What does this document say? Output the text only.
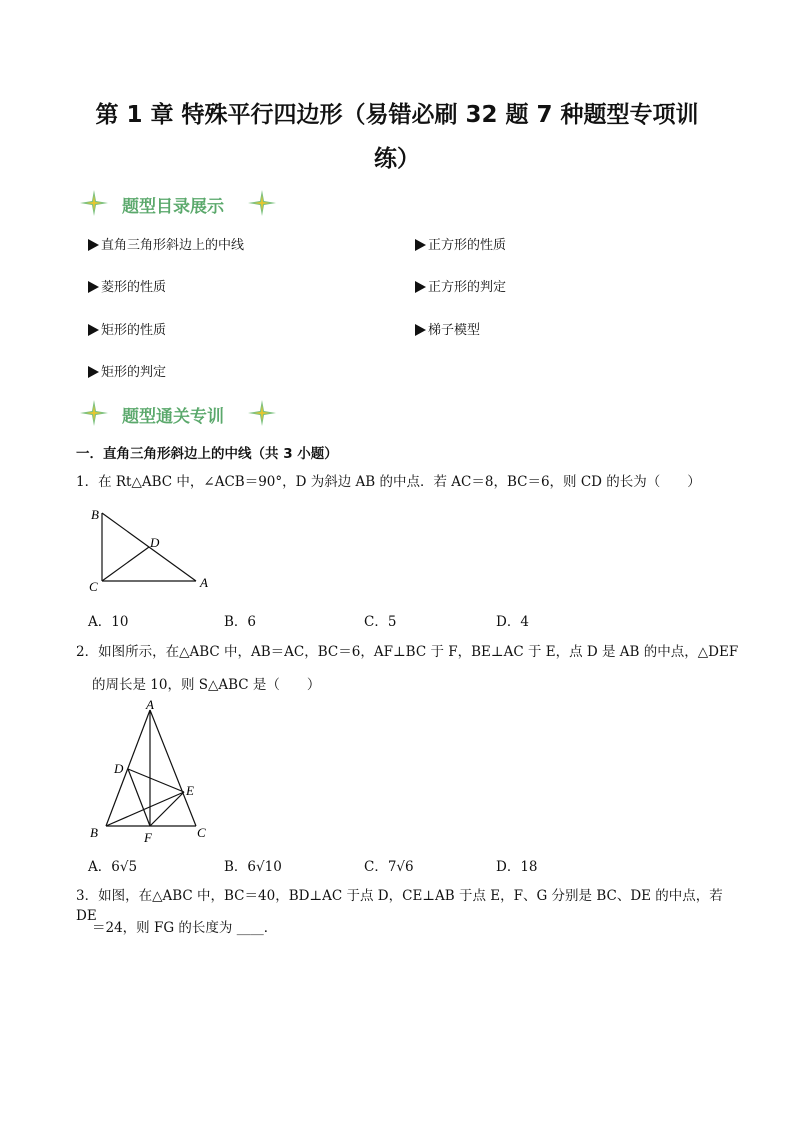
第 1 章 特殊平行四边形（易错必刷 32 题 7 种题型专项训
练）
题型目录展示
直角三角形斜边上的中线	正方形的性质
菱形的性质	正方形的判定
矩形的性质	梯子模型
矩形的判定
题型通关专训
一．直角三角形斜边上的中线（共 3 小题）
1．在 Rt△ABC 中，∠ACB＝90°，D 为斜边 AB 的中点．若 AC＝8，BC＝6，则 CD 的长为（　　）
B
C	A
D
A．10	B．6	C．5	D．4
2．如图所示，在△ABC 中，AB＝AC，BC＝6，AF⊥BC 于 F，BE⊥AC 于 E，点 D 是 AB 的中点，△DEF
的周长是 10，则 S△ABC 是（　　）
A
B	C
D
E
F
A．6√5	B．6√10	C．7√6	D．18
3．如图，在△ABC 中，BC＝40，BD⊥AC 于点 D，CE⊥AB 于点 E，F、G 分别是 BC、DE 的中点，若 DE
＝24，则 FG 的长度为 ____．
